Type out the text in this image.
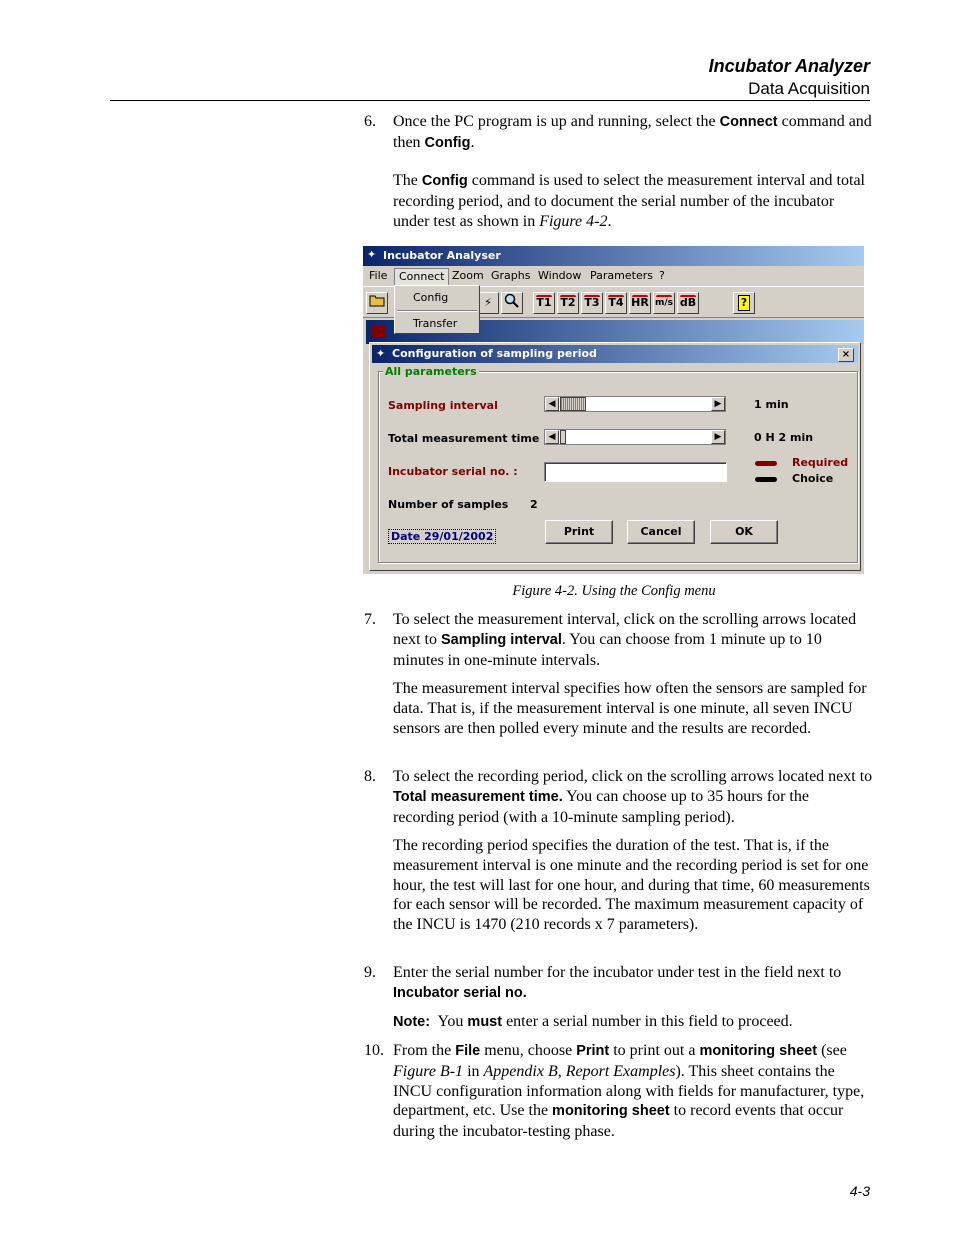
Incubator Analyzer
Data Acquisition
6. Once the PC program is up and running, select the Connect command and then Config.
The Config command is used to select the measurement interval and total recording period, and to document the serial number of the incubator under test as shown in Figure 4-2.
✦ Incubator Analyser
File	Connect Zoom Graphs Window Parameters ?
⚡	T1 T2 T3 T4 HR m/s dB	?
Config
Transfer
✦ Configuration of sampling period	×
All parameters
Sampling interval	◀	▶	1 min
Total measurement time	◀	▶	0 H 2 min
Incubator serial no. :
Required
Choice
Number of samples 2
Date 29/01/2002	Print	Cancel	OK
Figure 4-2. Using the Config menu
7. To select the measurement interval, click on the scrolling arrows located next to Sampling interval. You can choose from 1 minute up to 10 minutes in one-minute intervals.
The measurement interval specifies how often the sensors are sampled for data. That is, if the measurement interval is one minute, all seven INCU sensors are then polled every minute and the results are recorded.
8. To select the recording period, click on the scrolling arrows located next to Total measurement time. You can choose up to 35 hours for the recording period (with a 10-minute sampling period).
The recording period specifies the duration of the test. That is, if the measurement interval is one minute and the recording period is set for one hour, the test will last for one hour, and during that time, 60 measurements for each sensor will be recorded. The maximum measurement capacity of the INCU is 1470 (210 records x 7 parameters).
9. Enter the serial number for the incubator under test in the field next to Incubator serial no.
Note: You must enter a serial number in this field to proceed.
10. From the File menu, choose Print to print out a monitoring sheet (see Figure B-1 in Appendix B, Report Examples). This sheet contains the INCU configuration information along with fields for manufacturer, type, department, etc. Use the monitoring sheet to record events that occur during the incubator-testing phase.
4-3
